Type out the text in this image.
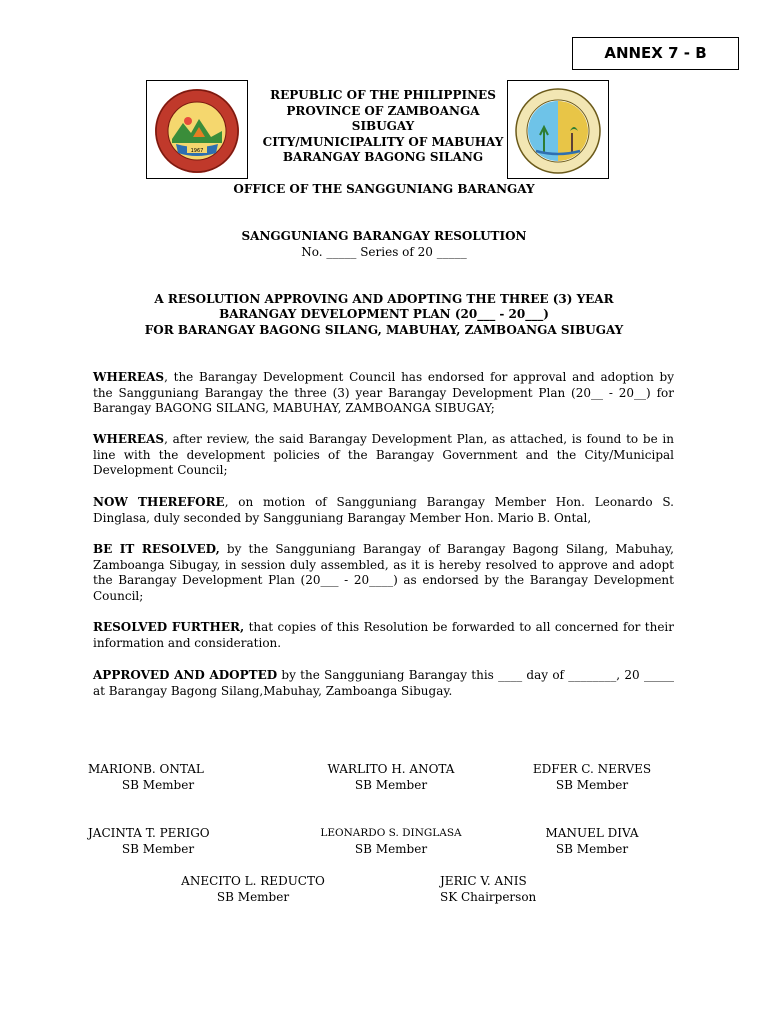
ANNEX 7 - B
1967
REPUBLIC OF THE PHILIPPINES
PROVINCE OF ZAMBOANGA SIBUGAY
CITY/MUNICIPALITY OF MABUHAY
BARANGAY BAGONG SILANG
OFFICE OF THE SANGGUNIANG BARANGAY
SANGGUNIANG BARANGAY RESOLUTION
No. _____ Series of 20 _____
A RESOLUTION APPROVING AND ADOPTING THE THREE (3) YEAR
BARANGAY DEVELOPMENT PLAN (20___ - 20___)
FOR BARANGAY BAGONG SILANG, MABUHAY, ZAMBOANGA SIBUGAY
WHEREAS, the Barangay Development Council has endorsed for approval and adoption by the Sangguniang Barangay the three (3) year Barangay Development Plan (20__ - 20__) for Barangay BAGONG SILANG, MABUHAY, ZAMBOANGA SIBUGAY;
WHEREAS, after review, the said Barangay Development Plan, as attached, is found to be in line with the development policies of the Barangay Government and the City/Municipal Development Council;
NOW THEREFORE, on motion of Sangguniang Barangay Member Hon. Leonardo S. Dinglasa, duly seconded by Sangguniang Barangay Member Hon. Mario B. Ontal,
BE IT RESOLVED, by the Sangguniang Barangay of Barangay Bagong Silang, Mabuhay, Zamboanga Sibugay, in session duly assembled, as it is hereby resolved to approve and adopt the Barangay Development Plan (20___ - 20____) as endorsed by the Barangay Development Council;
RESOLVED FURTHER, that copies of this Resolution be forwarded to all concerned for their information and consideration.
APPROVED AND ADOPTED by the Sangguniang Barangay this ____ day of ________, 20 _____ at Barangay Bagong Silang,Mabuhay, Zamboanga Sibugay.
MARIONB. ONTAL
SB Member
WARLITO H. ANOTA
SB Member
EDFER C. NERVES
SB Member
JACINTA T. PERIGO
SB Member
LEONARDO S. DINGLASA
SB Member
MANUEL DIVA
SB Member
ANECITO L. REDUCTO
SB Member
JERIC V. ANIS
SK Chairperson
